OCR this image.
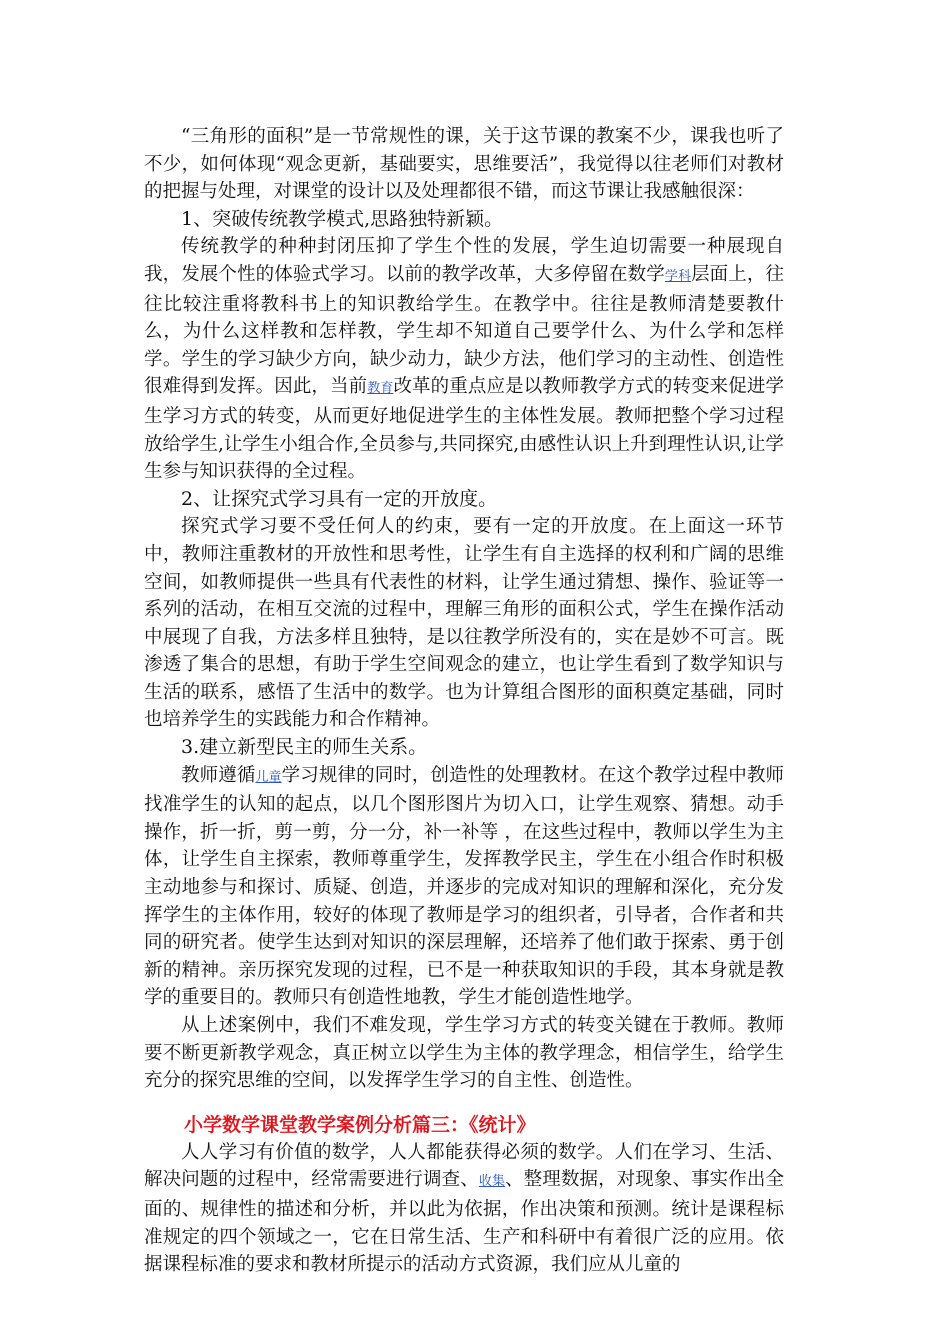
“三角形的面积”是一节常规性的课，关于这节课的教案不少，课我也听了不少，如何体现“观念更新，基础要实，思维要活”，我觉得以往老师们对教材的把握与处理，对课堂的设计以及处理都很不错，而这节课让我感触很深：

1、突破传统教学模式,思路独特新颖。

传统教学的种种封闭压抑了学生个性的发展，学生迫切需要一种展现自我，发展个性的体验式学习。以前的教学改革，大多停留在数学学科层面上，往往比较注重将教科书上的知识教给学生。在教学中。往往是教师清楚要教什么，为什么这样教和怎样教，学生却不知道自己要学什么、为什么学和怎样学。学生的学习缺少方向，缺少动力，缺少方法，他们学习的主动性、创造性很难得到发挥。因此，当前教育改革的重点应是以教师教学方式的转变来促进学生学习方式的转变，从而更好地促进学生的主体性发展。教师把整个学习过程放给学生,让学生小组合作,全员参与,共同探究,由感性认识上升到理性认识,让学生参与知识获得的全过程。

2、让探究式学习具有一定的开放度。

探究式学习要不受任何人的约束，要有一定的开放度。在上面这一环节中，教师注重教材的开放性和思考性，让学生有自主选择的权利和广阔的思维空间，如教师提供一些具有代表性的材料，让学生通过猜想、操作、验证等一系列的活动，在相互交流的过程中，理解三角形的面积公式，学生在操作活动中展现了自我，方法多样且独特，是以往教学所没有的，实在是妙不可言。既渗透了集合的思想，有助于学生空间观念的建立，也让学生看到了数学知识与生活的联系，感悟了生活中的数学。也为计算组合图形的面积奠定基础，同时也培养学生的实践能力和合作精神。

3.建立新型民主的师生关系。

教师遵循儿童学习规律的同时，创造性的处理教材。在这个教学过程中教师找准学生的认知的起点，以几个图形图片为切入口，让学生观察、猜想。动手操作，折一折，剪一剪，分一分，补一补等 ，在这些过程中，教师以学生为主体，让学生自主探索，教师尊重学生，发挥教学民主，学生在小组合作时积极主动地参与和探讨、质疑、创造，并逐步的完成对知识的理解和深化，充分发挥学生的主体作用，较好的体现了教师是学习的组织者，引导者，合作者和共同的研究者。使学生达到对知识的深层理解，还培养了他们敢于探索、勇于创新的精神。亲历探究发现的过程，已不是一种获取知识的手段，其本身就是教学的重要目的。教师只有创造性地教，学生才能创造性地学。

从上述案例中，我们不难发现，学生学习方式的转变关键在于教师。教师要不断更新教学观念，真正树立以学生为主体的教学理念，相信学生，给学生充分的探究思维的空间，以发挥学生学习的自主性、创造性。

小学数学课堂教学案例分析篇三：《统计》

人人学习有价值的数学，人人都能获得必须的数学。人们在学习、生活、解决问题的过程中，经常需要进行调查、收集、整理数据，对现象、事实作出全面的、规律性的描述和分析，并以此为依据，作出决策和预测。统计是课程标准规定的四个领域之一，它在日常生活、生产和科研中有着很广泛的应用。依据课程标准的要求和教材所提示的活动方式资源，我们应从儿童的
